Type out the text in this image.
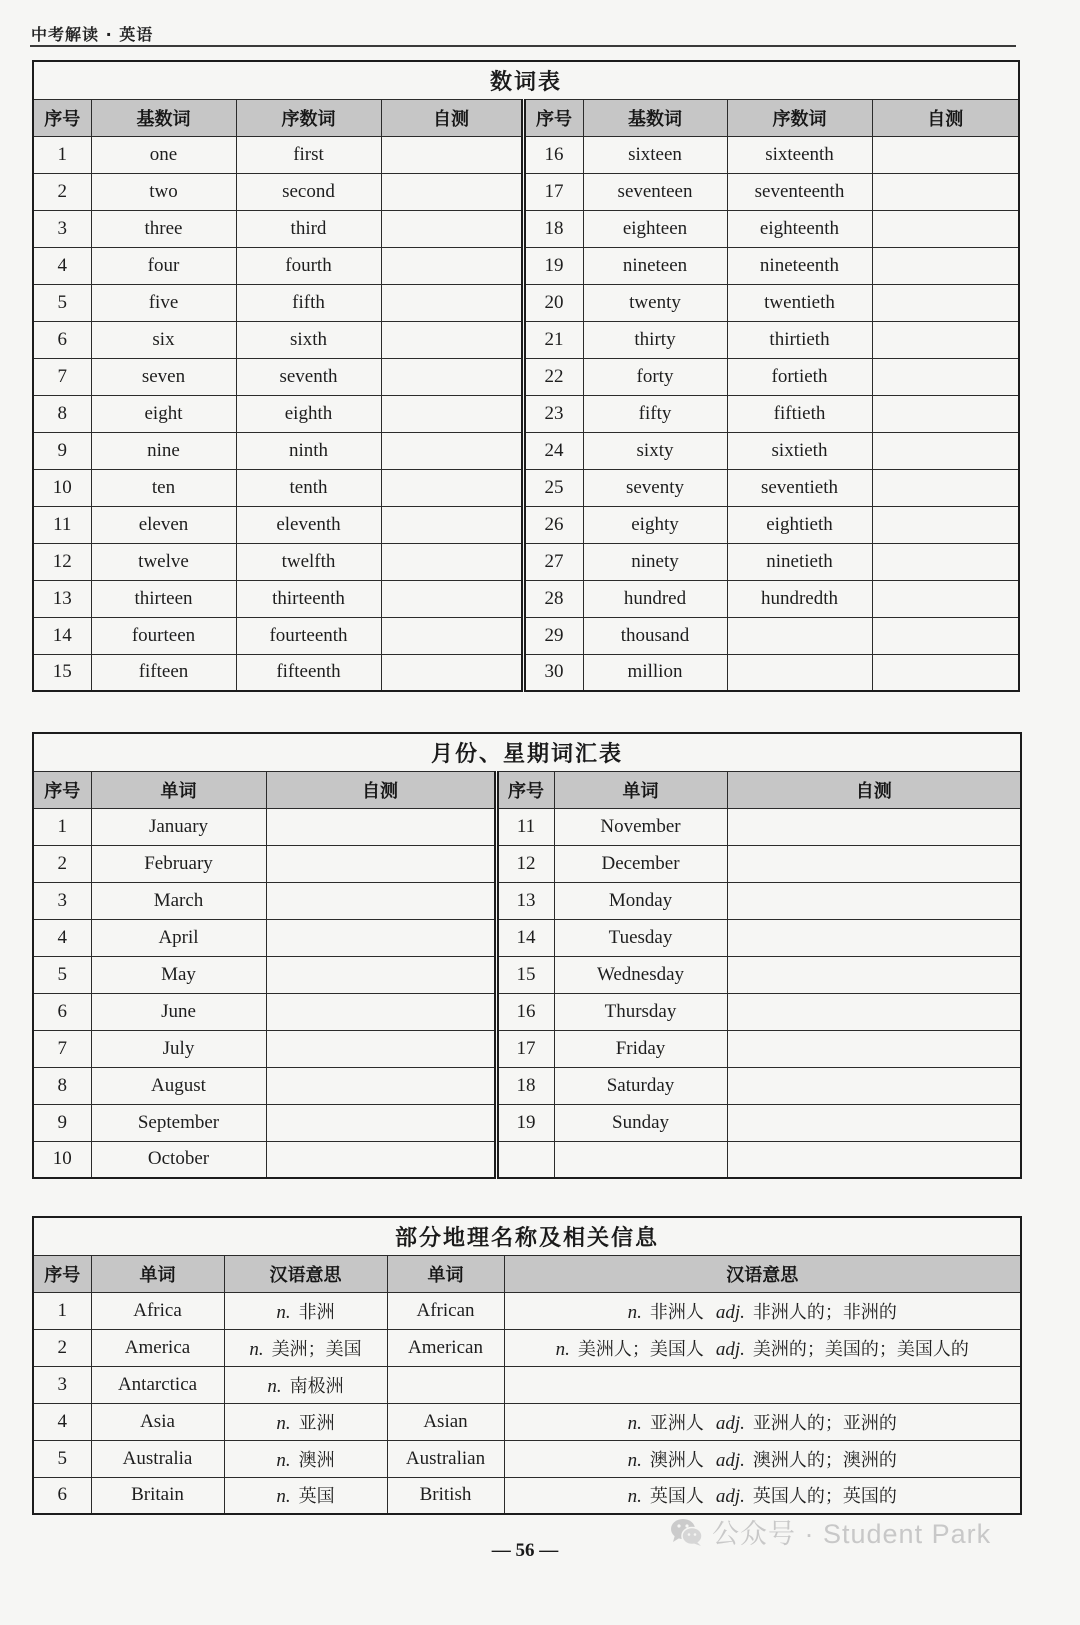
中考解读 · 英语
数词表							
序号	基数词	序数词	自测	序号	基数词	序数词	自测
1	one	first		16	sixteen	sixteenth	
2	two	second		17	seventeen	seventeenth	
3	three	third		18	eighteen	eighteenth	
4	four	fourth		19	nineteen	nineteenth	
5	five	fifth		20	twenty	twentieth	
6	six	sixth		21	thirty	thirtieth	
7	seven	seventh		22	forty	fortieth	
8	eight	eighth		23	fifty	fiftieth	
9	nine	ninth		24	sixty	sixtieth	
10	ten	tenth		25	seventy	seventieth	
11	eleven	eleventh		26	eighty	eightieth	
12	twelve	twelfth		27	ninety	ninetieth	
13	thirteen	thirteenth		28	hundred	hundredth	
14	fourteen	fourteenth		29	thousand		
15	fifteen	fifteenth		30	million		
月份、星期词汇表					
序号	单词	自测	序号	单词	自测
1	January		11	November	
2	February		12	December	
3	March		13	Monday	
4	April		14	Tuesday	
5	May		15	Wednesday	
6	June		16	Thursday	
7	July		17	Friday	
8	August		18	Saturday	
9	September		19	Sunday	
10	October				
部分地理名称及相关信息				
序号	单词	汉语意思	单词	汉语意思
1	Africa	n. 非洲	African	n. 非洲人 adj. 非洲人的；非洲的
2	America	n. 美洲；美国	American	n. 美洲人；美国人 adj. 美洲的；美国的；美国人的
3	Antarctica	n. 南极洲		
4	Asia	n. 亚洲	Asian	n. 亚洲人 adj. 亚洲人的；亚洲的
5	Australia	n. 澳洲	Australian	n. 澳洲人 adj. 澳洲人的；澳洲的
6	Britain	n. 英国	British	n. 英国人 adj. 英国人的；英国的
公众号 · Student Park
— 56 —
